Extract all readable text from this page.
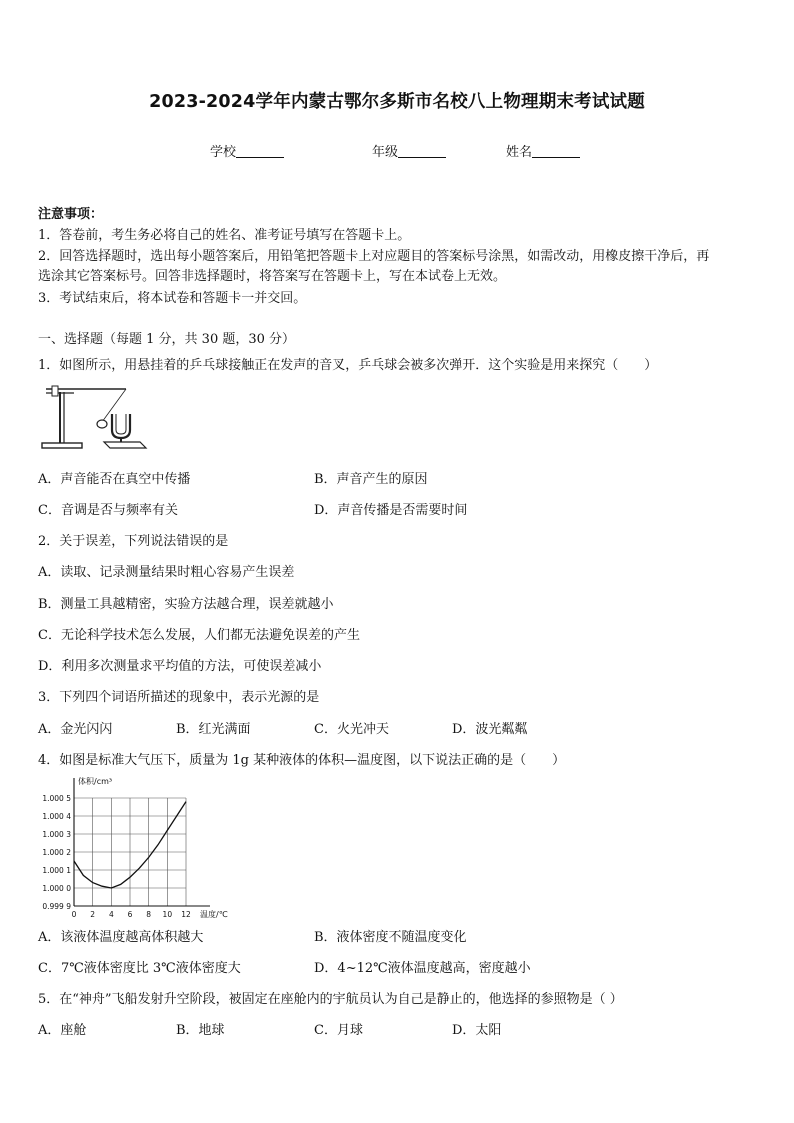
2023-2024学年内蒙古鄂尔多斯市名校八上物理期末考试试题
学校	年级	姓名
注意事项：
1．答卷前，考生务必将自己的姓名、准考证号填写在答题卡上。
2．回答选择题时，选出每小题答案后，用铅笔把答题卡上对应题目的答案标号涂黑，如需改动，用橡皮擦干净后，再
选涂其它答案标号。回答非选择题时，将答案写在答题卡上，写在本试卷上无效。
3．考试结束后，将本试卷和答题卡一并交回。
一、选择题（每题 1 分，共 30 题，30 分）
1．如图所示，用悬挂着的乒乓球接触正在发声的音叉，乒乓球会被多次弹开．这个实验是用来探究（　　）
A．声音能否在真空中传播	B．声音产生的原因
C．音调是否与频率有关	D．声音传播是否需要时间
2．关于误差，下列说法错误的是
A．读取、记录测量结果时粗心容易产生误差
B．测量工具越精密，实验方法越合理，误差就越小
C．无论科学技术怎么发展，人们都无法避免误差的产生
D．利用多次测量求平均值的方法，可使误差减小
3．下列四个词语所描述的现象中，表示光源的是
A．金光闪闪	B．红光满面	C．火光冲天	D．波光粼粼
4．如图是标准大气压下，质量为 1g 某种液体的体积—温度图，以下说法正确的是（　　）
0 2 4 6 8 10 12
0.999 9
1.000 0
1.000 1
1.000 2
1.000 3
1.000 4
1.000 5
温度/℃
体积/cm³
A．该液体温度越高体积越大	B．液体密度不随温度变化
C．7℃液体密度比 3℃液体密度大	D．4~12℃液体温度越高，密度越小
5．在“神舟”飞船发射升空阶段，被固定在座舱内的宇航员认为自己是静止的，他选择的参照物是（ ）
A．座舱	B．地球	C．月球	D．太阳
